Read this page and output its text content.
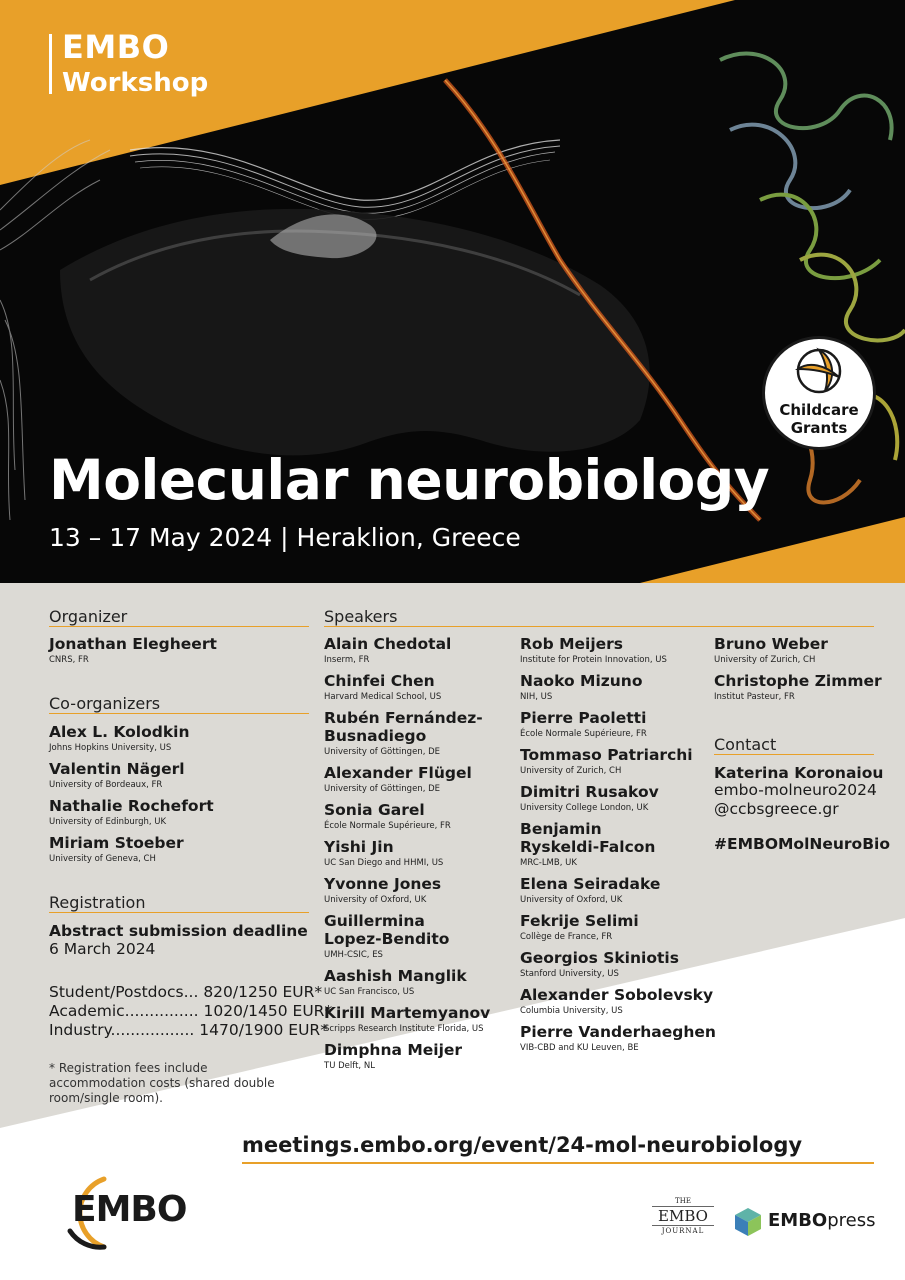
EMBO
Workshop
Childcare
Grants
Molecular neurobiology
13 – 17 May 2024 | Heraklion, Greece
Organizer
Jonathan Elegheert
CNRS, FR
Co-organizers
Alex L. Kolodkin
Johns Hopkins University, US
Valentin Nägerl
University of Bordeaux, FR
Nathalie Rochefort
University of Edinburgh, UK
Miriam Stoeber
University of Geneva, CH
Registration
Abstract submission deadline
6 March 2024
Student/Postdocs... 820/1250 EUR*
Academic............... 1020/1450 EUR*
Industry................. 1470/1900 EUR*
* Registration fees include accommodation costs (shared double room/single room).
Speakers
Alain Chedotal
Inserm, FR
Chinfei Chen
Harvard Medical School, US
Rubén Fernández-Busnadiego
University of Göttingen, DE
Alexander Flügel
University of Göttingen, DE
Sonia Garel
École Normale Supérieure, FR
Yishi Jin
UC San Diego and HHMI, US
Yvonne Jones
University of Oxford, UK
Guillermina Lopez-Bendito
UMH-CSIC, ES
Aashish Manglik
UC San Francisco, US
Kirill Martemyanov
Scripps Research Institute Florida, US
Dimphna Meijer
TU Delft, NL
Rob Meijers
Institute for Protein Innovation, US
Naoko Mizuno
NIH, US
Pierre Paoletti
École Normale Supérieure, FR
Tommaso Patriarchi
University of Zurich, CH
Dimitri Rusakov
University College London, UK
Benjamin Ryskeldi-Falcon
MRC-LMB, UK
Elena Seiradake
University of Oxford, UK
Fekrije Selimi
Collège de France, FR
Georgios Skiniotis
Stanford University, US
Alexander Sobolevsky
Columbia University, US
Pierre Vanderhaeghen
VIB-CBD and KU Leuven, BE
Bruno Weber
University of Zurich, CH
Christophe Zimmer
Institut Pasteur, FR
Contact
Katerina Koronaiou
embo-molneuro2024
@ccbsgreece.gr
#EMBOMolNeuroBio
meetings.embo.org/event/24-mol-neurobiology
EMBO	THE
EMBO
JOURNAL	EMBOpress
